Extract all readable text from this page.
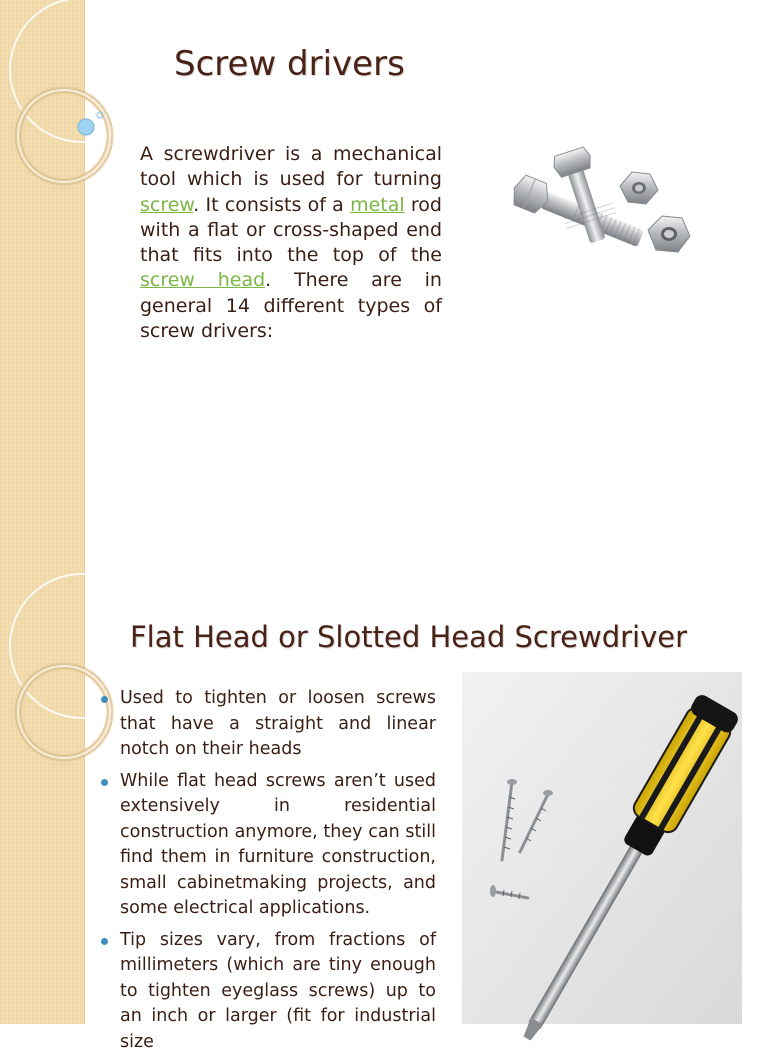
Screw drivers
A screwdriver is a mechanical tool which is used for turning screw. It consists of a metal rod with a flat or cross-shaped end that fits into the top of the screw head. There are in general 14 different types of screw drivers:
Flat Head or Slotted Head Screwdriver
Used to tighten or loosen screws that have a straight and linear notch on their heads
While flat head screws aren’t used extensively in residential construction anymore, they can still find them in furniture construction, small cabinetmaking projects, and some electrical applications.
Tip sizes vary, from fractions of millimeters (which are tiny enough to tighten eyeglass screws) up to an inch or larger (fit for industrial size
